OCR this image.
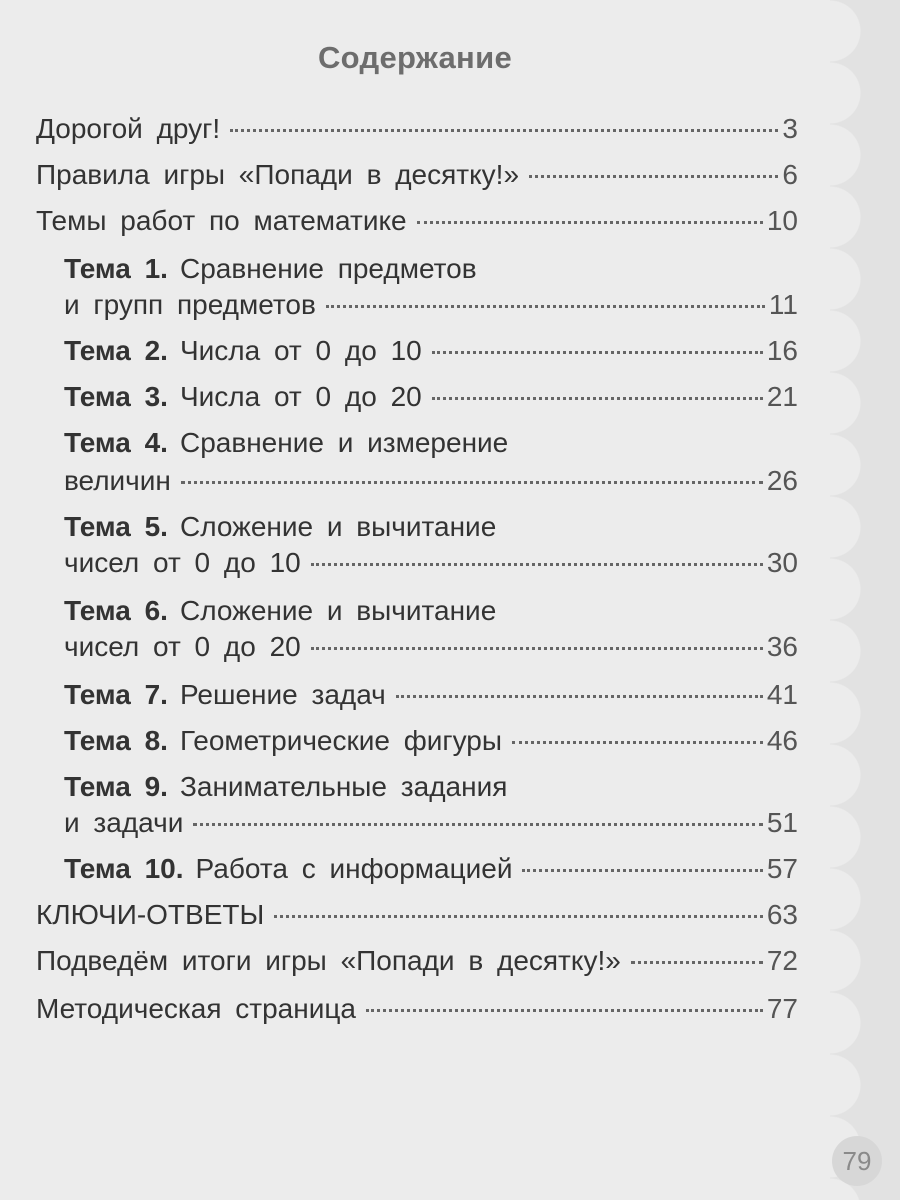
Содержание
Дорогой друг!	3
Правила игры «Попади в десятку!»	6
Темы работ по математике	10
Тема 1. Сравнение предметов
и групп предметов	11
Тема 2. Числа от 0 до 10	16
Тема 3. Числа от 0 до 20	21
Тема 4. Сравнение и измерение
величин	26
Тема 5. Сложение и вычитание
чисел от 0 до 10	30
Тема 6. Сложение и вычитание
чисел от 0 до 20	36
Тема 7. Решение задач	41
Тема 8. Геометрические фигуры	46
Тема 9. Занимательные задания
и задачи	51
Тема 10. Работа с информацией	57
КЛЮЧИ-ОТВЕТЫ	63
Подведём итоги игры «Попади в десятку!»	72
Методическая страница	77
79
